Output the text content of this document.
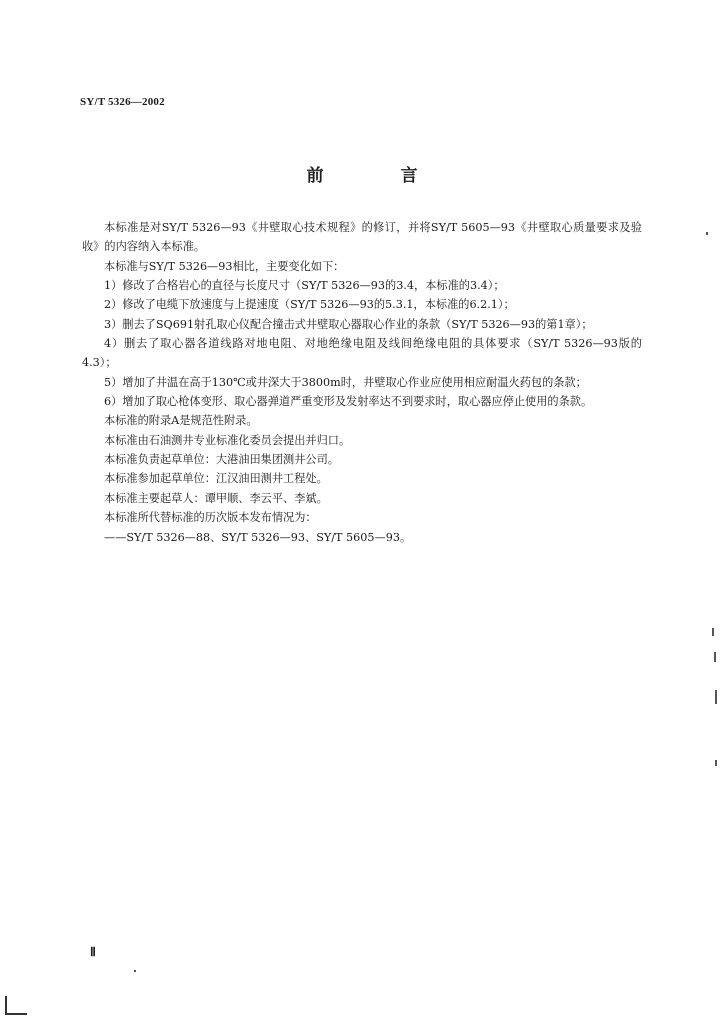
SY/T 5326—2002
前　言

本标准是对SY/T 5326—93《井壁取心技术规程》的修订，并将SY/T 5605—93《井壁取心质量要求及验收》的内容纳入本标准。

本标准与SY/T 5326—93相比，主要变化如下：

1）修改了合格岩心的直径与长度尺寸（SY/T 5326—93的3.4，本标准的3.4）；

2）修改了电缆下放速度与上提速度（SY/T 5326—93的5.3.1，本标准的6.2.1）；

3）删去了SQ691射孔取心仪配合撞击式井壁取心器取心作业的条款（SY/T 5326—93的第1章）；

4）删去了取心器各道线路对地电阻、对地绝缘电阻及线间绝缘电阻的具体要求（SY/T 5326—93版的4.3）；

5）增加了井温在高于130℃或井深大于3800m时，井壁取心作业应使用相应耐温火药包的条款；

6）增加了取心枪体变形、取心器弹道严重变形及发射率达不到要求时，取心器应停止使用的条款。

本标准的附录A是规范性附录。

本标准由石油测井专业标准化委员会提出并归口。

本标准负责起草单位：大港油田集团测井公司。

本标准参加起草单位：江汉油田测井工程处。

本标准主要起草人：谭甲顺、李云平、李斌。

本标准所代替标准的历次版本发布情况为：

——SY/T 5326—88、SY/T 5326—93、SY/T 5605—93。

Ⅱ
